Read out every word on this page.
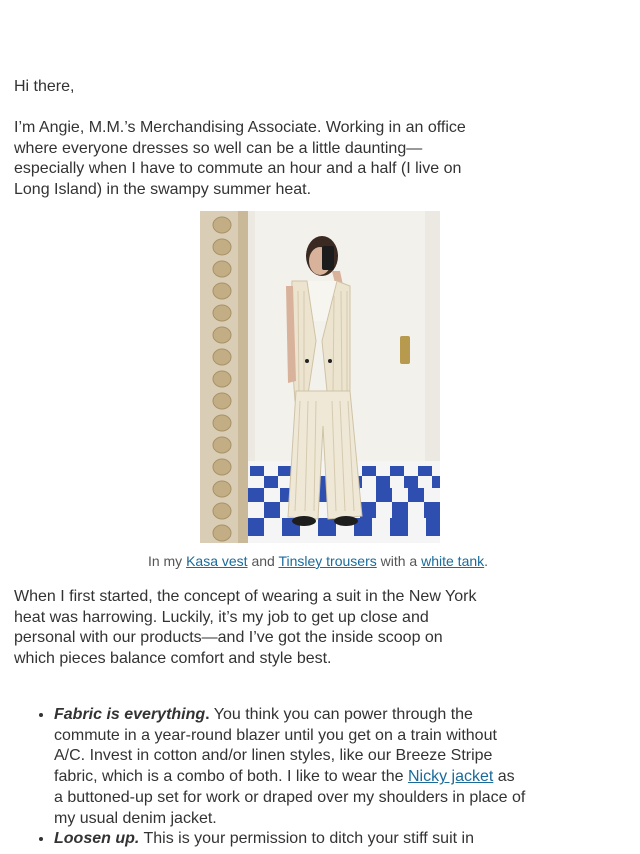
Hi there,

I’m Angie, M.M.’s Merchandising Associate. Working in an office where everyone dresses so well can be a little daunting—especially when I have to commute an hour and a half (I live on Long Island) in the swampy summer heat.

In my Kasa vest and Tinsley trousers with a white tank.

When I first started, the concept of wearing a suit in the New York heat was harrowing. Luckily, it’s my job to get up close and personal with our products—and I’ve got the inside scoop on which pieces balance comfort and style best.

• Fabric is everything. You think you can power through the commute in a year-round blazer until you get on a train without A/C. Invest in cotton and/or linen styles, like our Breeze Stripe fabric, which is a combo of both. I like to wear the Nicky jacket as a buttoned-up set for work or draped over my shoulders in place of my usual denim jacket.
• Loosen up. This is your permission to ditch your stiff suit in
